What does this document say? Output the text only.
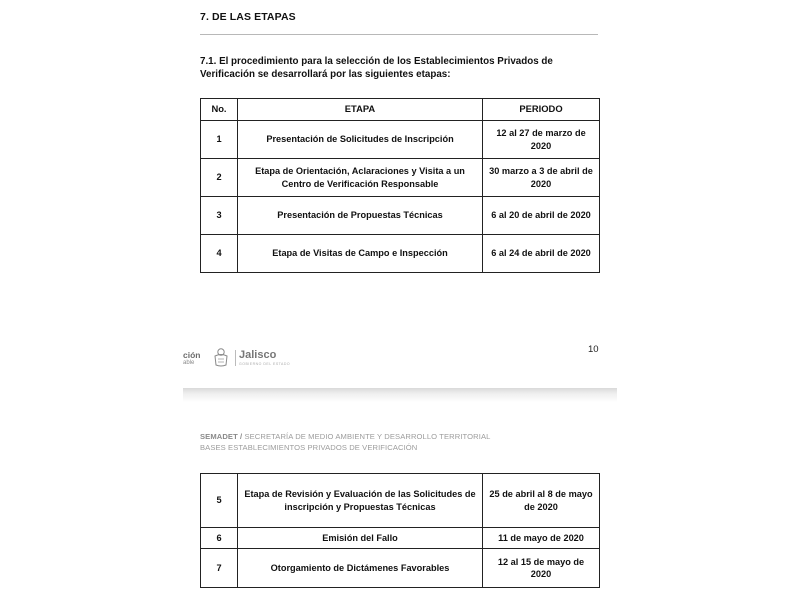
7. DE LAS ETAPAS
7.1. El procedimiento para la selección de los Establecimientos Privados de Verificación se desarrollará por las siguientes etapas:
No.	ETAPA	PERIODO
1	Presentación de Solicitudes de Inscripción	12 al 27 de marzo de 2020
2	Etapa de Orientación, Aclaraciones y Visita a un Centro de Verificación Responsable	30 marzo a 3 de abril de 2020
3	Presentación de Propuestas Técnicas	6 al 20 de abril de 2020
4	Etapa de Visitas de Campo e Inspección	6 al 24 de abril de 2020
ción
able
Jalisco
GOBIERNO DEL ESTADO
10
SEMADET / SECRETARÍA DE MEDIO AMBIENTE Y DESARROLLO TERRITORIAL
BASES ESTABLECIMIENTOS PRIVADOS DE VERIFICACIÓN
5	Etapa de Revisión y Evaluación de las Solicitudes de inscripción y Propuestas Técnicas	25 de abril al 8 de mayo de 2020
6	Emisión del Fallo	11 de mayo de 2020
7	Otorgamiento de Dictámenes Favorables	12 al 15 de mayo de 2020
